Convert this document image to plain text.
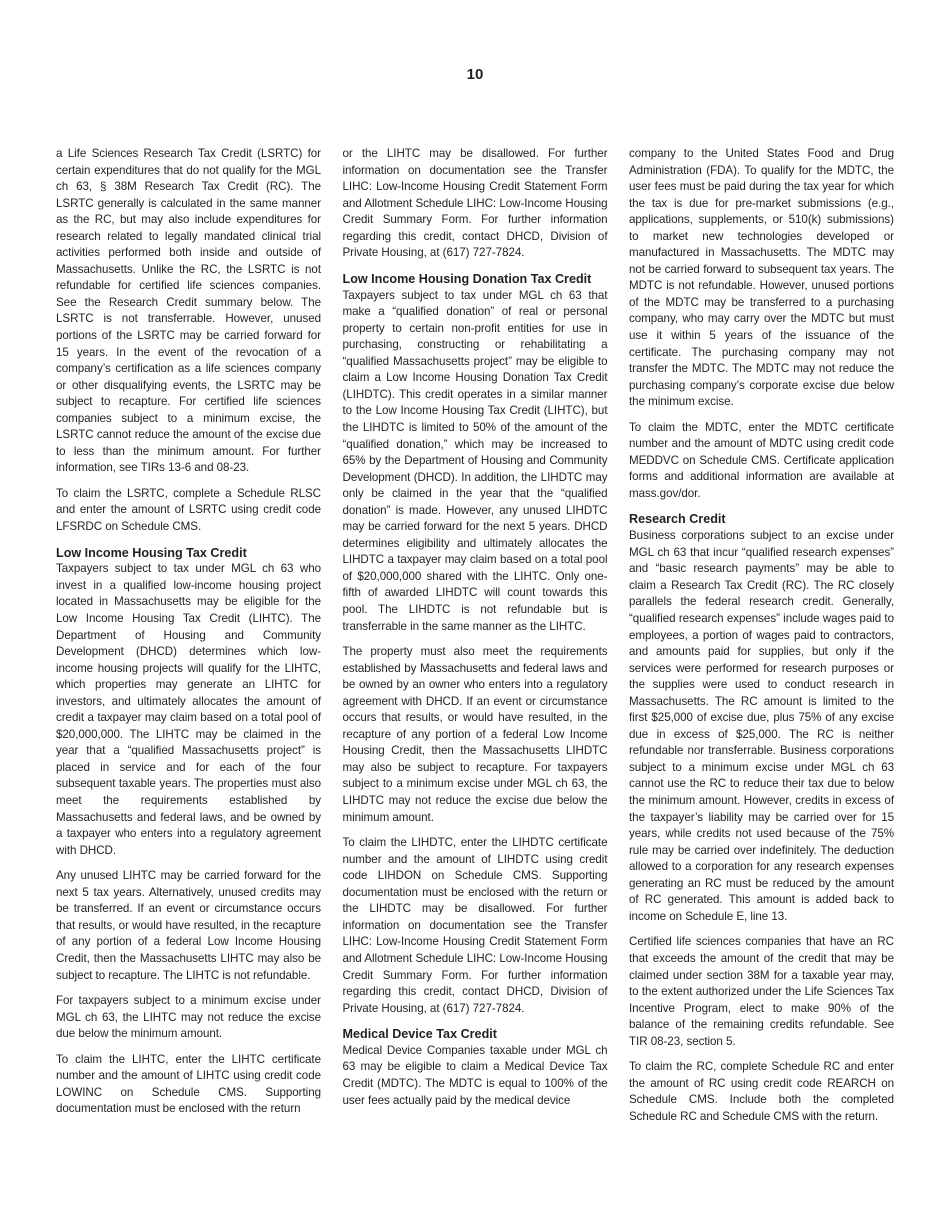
10

a Life Sciences Research Tax Credit (LSRTC) for certain expenditures that do not qualify for the MGL ch 63, § 38M Research Tax Credit (RC). The LSRTC generally is calculated in the same manner as the RC, but may also include expenditures for research related to legally mandated clinical trial activities performed both inside and outside of Massachusetts. Unlike the RC, the LSRTC is not refundable for certified life sciences companies. See the Research Credit summary below. The LSRTC is not transferrable. However, unused portions of the LSRTC may be carried forward for 15 years. In the event of the revocation of a company’s certification as a life sciences company or other disqualifying events, the LSRTC may be subject to recapture. For certified life sciences companies subject to a minimum excise, the LSRTC cannot reduce the amount of the excise due to less than the minimum amount. For further information, see TIRs 13-6 and 08-23.

To claim the LSRTC, complete a Schedule RLSC and enter the amount of LSRTC using credit code LFSRDC on Schedule CMS.

Low Income Housing Tax Credit

Taxpayers subject to tax under MGL ch 63 who invest in a qualified low-income housing project located in Massachusetts may be eligible for the Low Income Housing Tax Credit (LIHTC). The Department of Housing and Community Development (DHCD) determines which low-income housing projects will qualify for the LIHTC, which properties may generate an LIHTC for investors, and ultimately allocates the amount of credit a taxpayer may claim based on a total pool of $20,000,000. The LIHTC may be claimed in the year that a “qualified Massachusetts project” is placed in service and for each of the four subsequent taxable years. The properties must also meet the requirements established by Massachusetts and federal laws, and be owned by a taxpayer who enters into a regulatory agreement with DHCD.

Any unused LIHTC may be carried forward for the next 5 tax years. Alternatively, unused credits may be transferred. If an event or circumstance occurs that results, or would have resulted, in the recapture of any portion of a federal Low Income Housing Credit, then the Massachusetts LIHTC may also be subject to recapture. The LIHTC is not refundable.

For taxpayers subject to a minimum excise under MGL ch 63, the LIHTC may not reduce the excise due below the minimum amount.

To claim the LIHTC, enter the LIHTC certificate number and the amount of LIHTC using credit code LOWINC on Schedule CMS. Supporting documentation must be enclosed with the return

or the LIHTC may be disallowed. For further information on documentation see the Transfer LIHC: Low-Income Housing Credit Statement Form and Allotment Schedule LIHC: Low-Income Housing Credit Summary Form. For further information regarding this credit, contact DHCD, Division of Private Housing, at (617) 727-7824.

Low Income Housing Donation Tax Credit

Taxpayers subject to tax under MGL ch 63 that make a “qualified donation” of real or personal property to certain non-profit entities for use in purchasing, constructing or rehabilitating a “qualified Massachusetts project” may be eligible to claim a Low Income Housing Donation Tax Credit (LIHDTC). This credit operates in a similar manner to the Low Income Housing Tax Credit (LIHTC), but the LIHDTC is limited to 50% of the amount of the “qualified donation,” which may be increased to 65% by the Department of Housing and Community Development (DHCD). In addition, the LIHDTC may only be claimed in the year that the “qualified donation” is made. However, any unused LIHDTC may be carried forward for the next 5 years. DHCD determines eligibility and ultimately allocates the LIHDTC a taxpayer may claim based on a total pool of $20,000,000 shared with the LIHTC. Only one-fifth of awarded LIHDTC will count towards this pool. The LIHDTC is not refundable but is transferrable in the same manner as the LIHTC.

The property must also meet the requirements established by Massachusetts and federal laws and be owned by an owner who enters into a regulatory agreement with DHCD. If an event or circumstance occurs that results, or would have resulted, in the recapture of any portion of a federal Low Income Housing Credit, then the Massachusetts LIHDTC may also be subject to recapture. For taxpayers subject to a minimum excise under MGL ch 63, the LIHDTC may not reduce the excise due below the minimum amount.

To claim the LIHDTC, enter the LIHDTC certificate number and the amount of LIHDTC using credit code LIHDON on Schedule CMS. Supporting documentation must be enclosed with the return or the LIHDTC may be disallowed. For further information on documentation see the Transfer LIHC: Low-Income Housing Credit Statement Form and Allotment Schedule LIHC: Low-Income Housing Credit Summary Form. For further information regarding this credit, contact DHCD, Division of Private Housing, at (617) 727-7824.

Medical Device Tax Credit

Medical Device Companies taxable under MGL ch 63 may be eligible to claim a Medical Device Tax Credit (MDTC). The MDTC is equal to 100% of the user fees actually paid by the medical device

company to the United States Food and Drug Administration (FDA). To qualify for the MDTC, the user fees must be paid during the tax year for which the tax is due for pre-market submissions (e.g., applications, supplements, or 510(k) submissions) to market new technologies developed or manufactured in Massachusetts. The MDTC may not be carried forward to subsequent tax years. The MDTC is not refundable. However, unused portions of the MDTC may be transferred to a purchasing company, who may carry over the MDTC but must use it within 5 years of the issuance of the certificate. The purchasing company may not transfer the MDTC. The MDTC may not reduce the purchasing company’s corporate excise due below the minimum excise.

To claim the MDTC, enter the MDTC certificate number and the amount of MDTC using credit code MEDDVC on Schedule CMS. Certificate application forms and additional information are available at mass.gov/dor.

Research Credit

Business corporations subject to an excise under MGL ch 63 that incur “qualified research expenses” and “basic research payments” may be able to claim a Research Tax Credit (RC). The RC closely parallels the federal research credit. Generally, “qualified research expenses” include wages paid to employees, a portion of wages paid to contractors, and amounts paid for supplies, but only if the services were performed for research purposes or the supplies were used to conduct research in Massachusetts. The RC amount is limited to the first $25,000 of excise due, plus 75% of any excise due in excess of $25,000. The RC is neither refundable nor transferrable. Business corporations subject to a minimum excise under MGL ch 63 cannot use the RC to reduce their tax due to below the minimum amount. However, credits in excess of the taxpayer’s liability may be carried over for 15 years, while credits not used because of the 75% rule may be carried over indefinitely. The deduction allowed to a corporation for any research expenses generating an RC must be reduced by the amount of RC generated. This amount is added back to income on Schedule E, line 13.

Certified life sciences companies that have an RC that exceeds the amount of the credit that may be claimed under section 38M for a taxable year may, to the extent authorized under the Life Sciences Tax Incentive Program, elect to make 90% of the balance of the remaining credits refundable. See TIR 08-23, section 5.

To claim the RC, complete Schedule RC and enter the amount of RC using credit code REARCH on Schedule CMS. Include both the completed Schedule RC and Schedule CMS with the return.
